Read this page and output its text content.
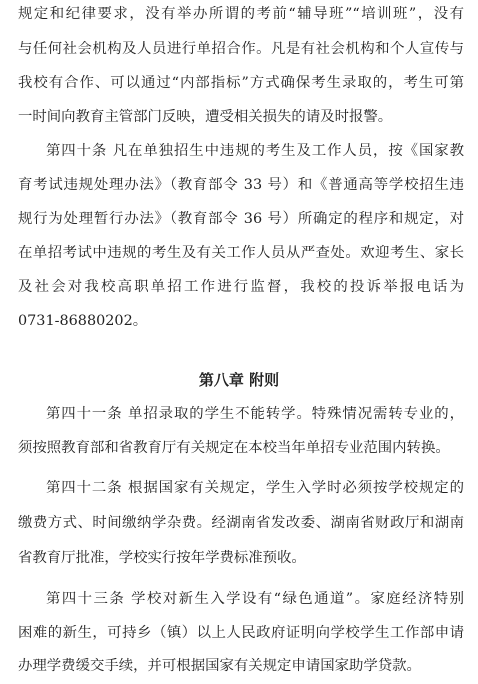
规定和纪律要求，没有举办所谓的考前“辅导班”“培训班”，没有
与任何社会机构及人员进行单招合作。凡是有社会机构和个人宣传与
我校有合作、可以通过“内部指标”方式确保考生录取的，考生可第
一时间向教育主管部门反映，遭受相关损失的请及时报警。
第四十条 凡在单独招生中违规的考生及工作人员，按《国家教
育考试违规处理办法》（教育部令 33 号）和《普通高等学校招生违
规行为处理暂行办法》（教育部令 36 号）所确定的程序和规定，对
在单招考试中违规的考生及有关工作人员从严查处。欢迎考生、家长
及社会对我校高职单招工作进行监督，我校的投诉举报电话为
0731-86880202。
第八章 附则
第四十一条 单招录取的学生不能转学。特殊情况需转专业的，
须按照教育部和省教育厅有关规定在本校当年单招专业范围内转换。
第四十二条 根据国家有关规定，学生入学时必须按学校规定的
缴费方式、时间缴纳学杂费。经湖南省发改委、湖南省财政厅和湖南
省教育厅批准，学校实行按年学费标准预收。
第四十三条 学校对新生入学设有“绿色通道”。家庭经济特别
困难的新生，可持乡（镇）以上人民政府证明向学校学生工作部申请
办理学费缓交手续，并可根据国家有关规定申请国家助学贷款。
